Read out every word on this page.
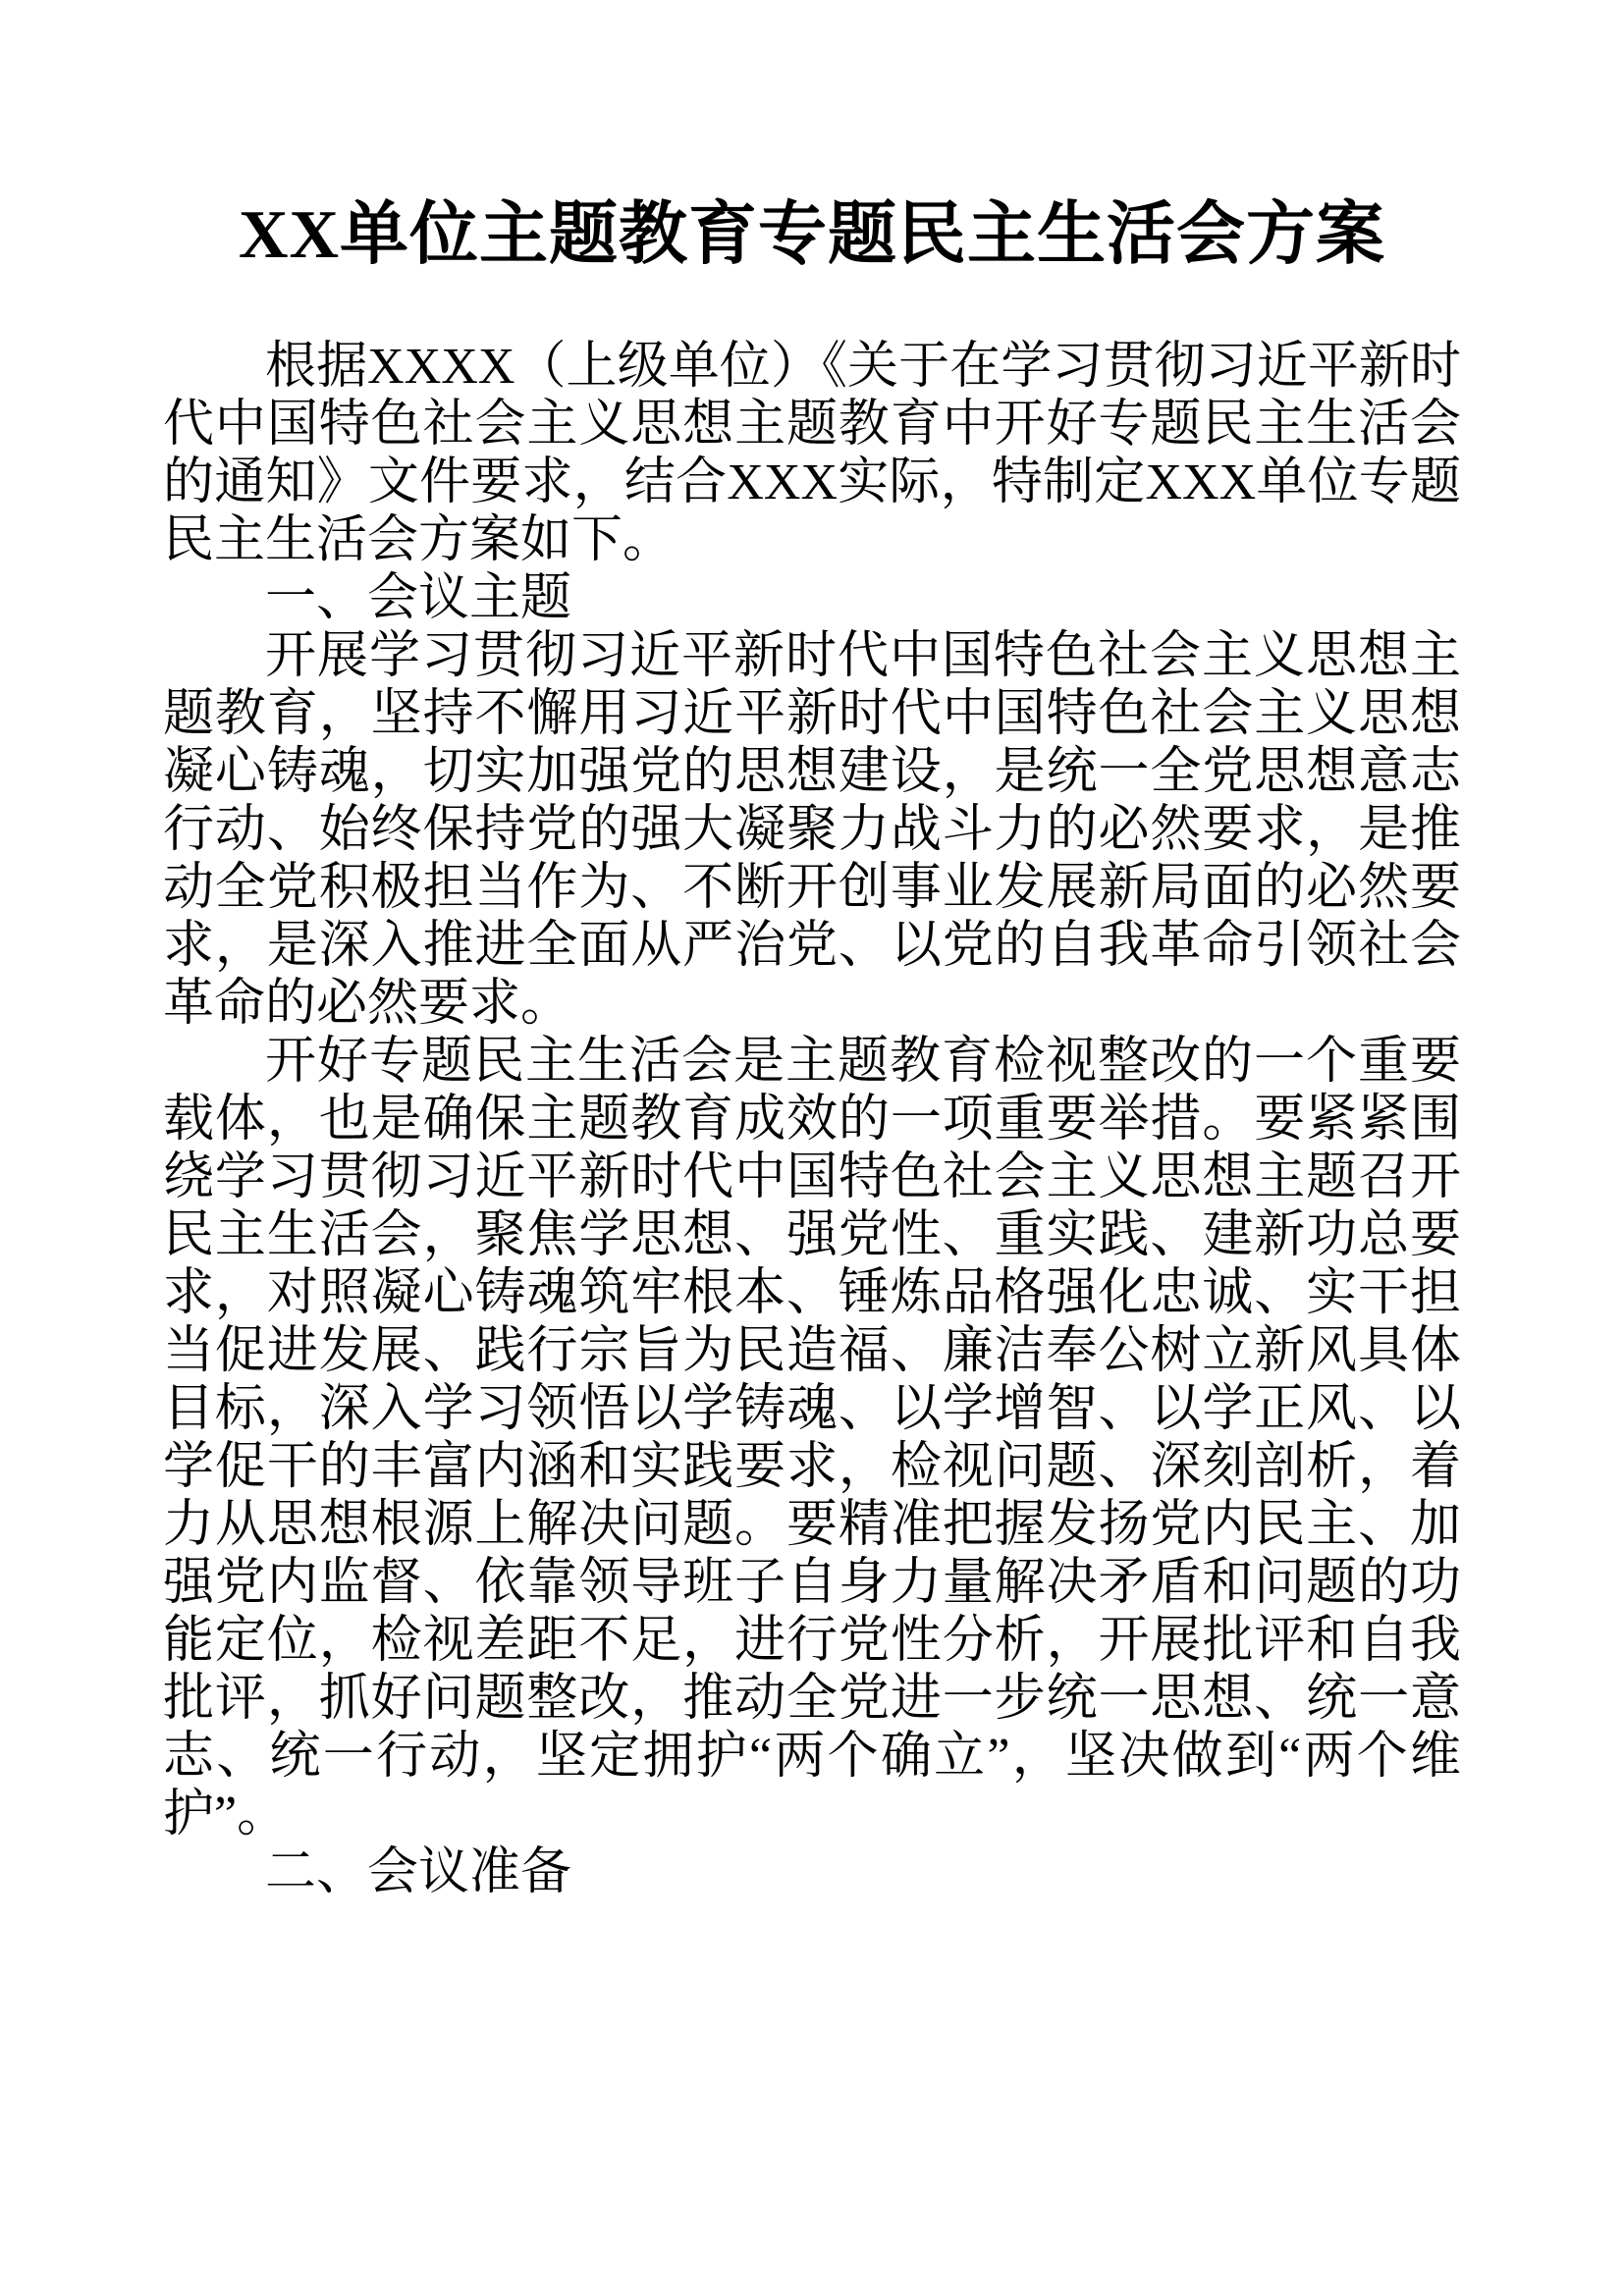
XX单位主题教育专题民主生活会方案

根据XXXX（上级单位）《关于在学习贯彻习近平新时代中国特色社会主义思想主题教育中开好专题民主生活会的通知》文件要求，结合XXX实际，特制定XXX单位专题民主生活会方案如下。

一、会议主题

开展学习贯彻习近平新时代中国特色社会主义思想主题教育，坚持不懈用习近平新时代中国特色社会主义思想凝心铸魂，切实加强党的思想建设，是统一全党思想意志行动、始终保持党的强大凝聚力战斗力的必然要求，是推动全党积极担当作为、不断开创事业发展新局面的必然要求，是深入推进全面从严治党、以党的自我革命引领社会革命的必然要求。

开好专题民主生活会是主题教育检视整改的一个重要载体，也是确保主题教育成效的一项重要举措。要紧紧围绕学习贯彻习近平新时代中国特色社会主义思想主题召开民主生活会，聚焦学思想、强党性、重实践、建新功总要求，对照凝心铸魂筑牢根本、锤炼品格强化忠诚、实干担当促进发展、践行宗旨为民造福、廉洁奉公树立新风具体目标，深入学习领悟以学铸魂、以学增智、以学正风、以学促干的丰富内涵和实践要求，检视问题、深刻剖析，着力从思想根源上解决问题。要精准把握发扬党内民主、加强党内监督、依靠领导班子自身力量解决矛盾和问题的功能定位，检视差距不足，进行党性分析，开展批评和自我批评，抓好问题整改，推动全党进一步统一思想、统一意志、统一行动，坚定拥护“两个确立”，坚决做到“两个维护”。

二、会议准备
